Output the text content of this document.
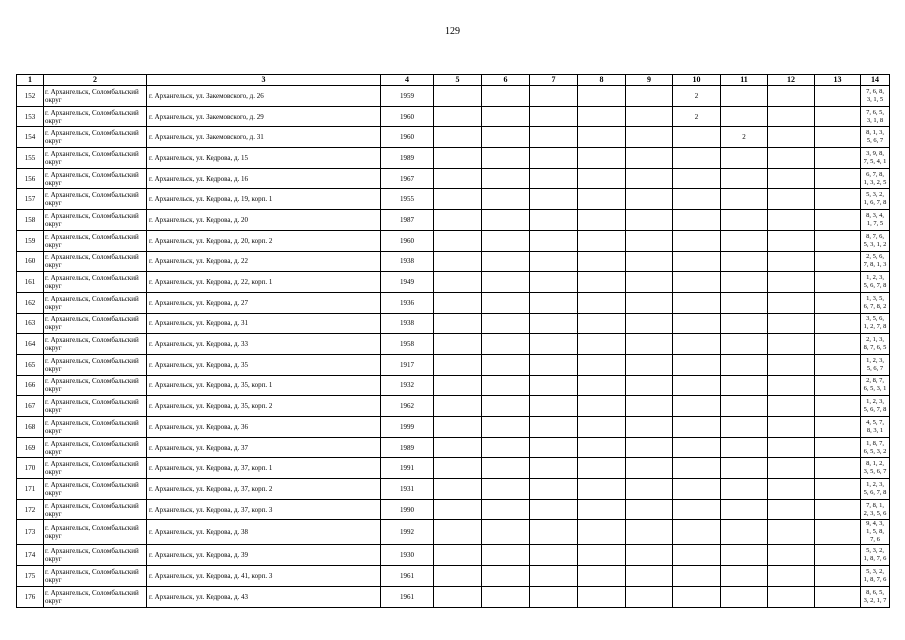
129
1	2	3	4	5	6	7	8	9	10	11	12	13	14
152	г. Архангельск, Соломбальский округ	г. Архангельск, ул. Закемовского, д. 26	1959						2				7, 6, 8, 3, 1, 5
153	г. Архангельск, Соломбальский округ	г. Архангельск, ул. Закемовского, д. 29	1960						2				7, 6, 5, 3, 1, 8
154	г. Архангельск, Соломбальский округ	г. Архангельск, ул. Закемовского, д. 31	1960							2			8, 1, 3, 5, 6, 7
155	г. Архангельск, Соломбальский округ	г. Архангельск, ул. Кедрова, д. 15	1989										3, 9, 8, 7, 5, 4, 1
156	г. Архангельск, Соломбальский округ	г. Архангельск, ул. Кедрова, д. 16	1967										6, 7, 8, 1, 3, 2, 5
157	г. Архангельск, Соломбальский округ	г. Архангельск, ул. Кедрова, д. 19, корп. 1	1955										5, 3, 2, 1, 6, 7, 8
158	г. Архангельск, Соломбальский округ	г. Архангельск, ул. Кедрова, д. 20	1987										8, 3, 4, 1, 7, 5
159	г. Архангельск, Соломбальский округ	г. Архангельск, ул. Кедрова, д. 20, корп. 2	1960										8, 7, 6, 5, 3, 1, 2
160	г. Архангельск, Соломбальский округ	г. Архангельск, ул. Кедрова, д. 22	1938										2, 5, 6, 7, 8, 1, 3
161	г. Архангельск, Соломбальский округ	г. Архангельск, ул. Кедрова, д. 22, корп. 1	1949										1, 2, 3, 5, 6, 7, 8
162	г. Архангельск, Соломбальский округ	г. Архангельск, ул. Кедрова, д. 27	1936										1, 3, 5, 6, 7, 8, 2
163	г. Архангельск, Соломбальский округ	г. Архангельск, ул. Кедрова, д. 31	1938										3, 5, 6, 1, 2, 7, 8
164	г. Архангельск, Соломбальский округ	г. Архангельск, ул. Кедрова, д. 33	1958										2, 1, 3, 8, 7, 6, 5
165	г. Архангельск, Соломбальский округ	г. Архангельск, ул. Кедрова, д. 35	1917										1, 2, 3, 5, 6, 7
166	г. Архангельск, Соломбальский округ	г. Архангельск, ул. Кедрова, д. 35, корп. 1	1932										2, 8, 7, 6, 5, 3, 1
167	г. Архангельск, Соломбальский округ	г. Архангельск, ул. Кедрова, д. 35, корп. 2	1962										1, 2, 3, 5, 6, 7, 8
168	г. Архангельск, Соломбальский округ	г. Архангельск, ул. Кедрова, д. 36	1999										4, 5, 7, 8, 3, 1
169	г. Архангельск, Соломбальский округ	г. Архангельск, ул. Кедрова, д. 37	1989										1, 8, 7, 6, 5, 3, 2
170	г. Архангельск, Соломбальский округ	г. Архангельск, ул. Кедрова, д. 37, корп. 1	1991										8, 1, 2, 3, 5, 6, 7
171	г. Архангельск, Соломбальский округ	г. Архангельск, ул. Кедрова, д. 37, корп. 2	1931										1, 2, 3, 5, 6, 7, 8
172	г. Архангельск, Соломбальский округ	г. Архангельск, ул. Кедрова, д. 37, корп. 3	1990										7, 8, 1, 2, 3, 5, 6
173	г. Архангельск, Соломбальский округ	г. Архангельск, ул. Кедрова, д. 38	1992										9, 4, 3, 1, 5, 8, 7, 6
174	г. Архангельск, Соломбальский округ	г. Архангельск, ул. Кедрова, д. 39	1930										5, 3, 2, 1, 8, 7, 6
175	г. Архангельск, Соломбальский округ	г. Архангельск, ул. Кедрова, д. 41, корп. 3	1961										5, 3, 2, 1, 8, 7, 6
176	г. Архангельск, Соломбальский округ	г. Архангельск, ул. Кедрова, д. 43	1961										8, 6, 5, 3, 2, 1, 7
